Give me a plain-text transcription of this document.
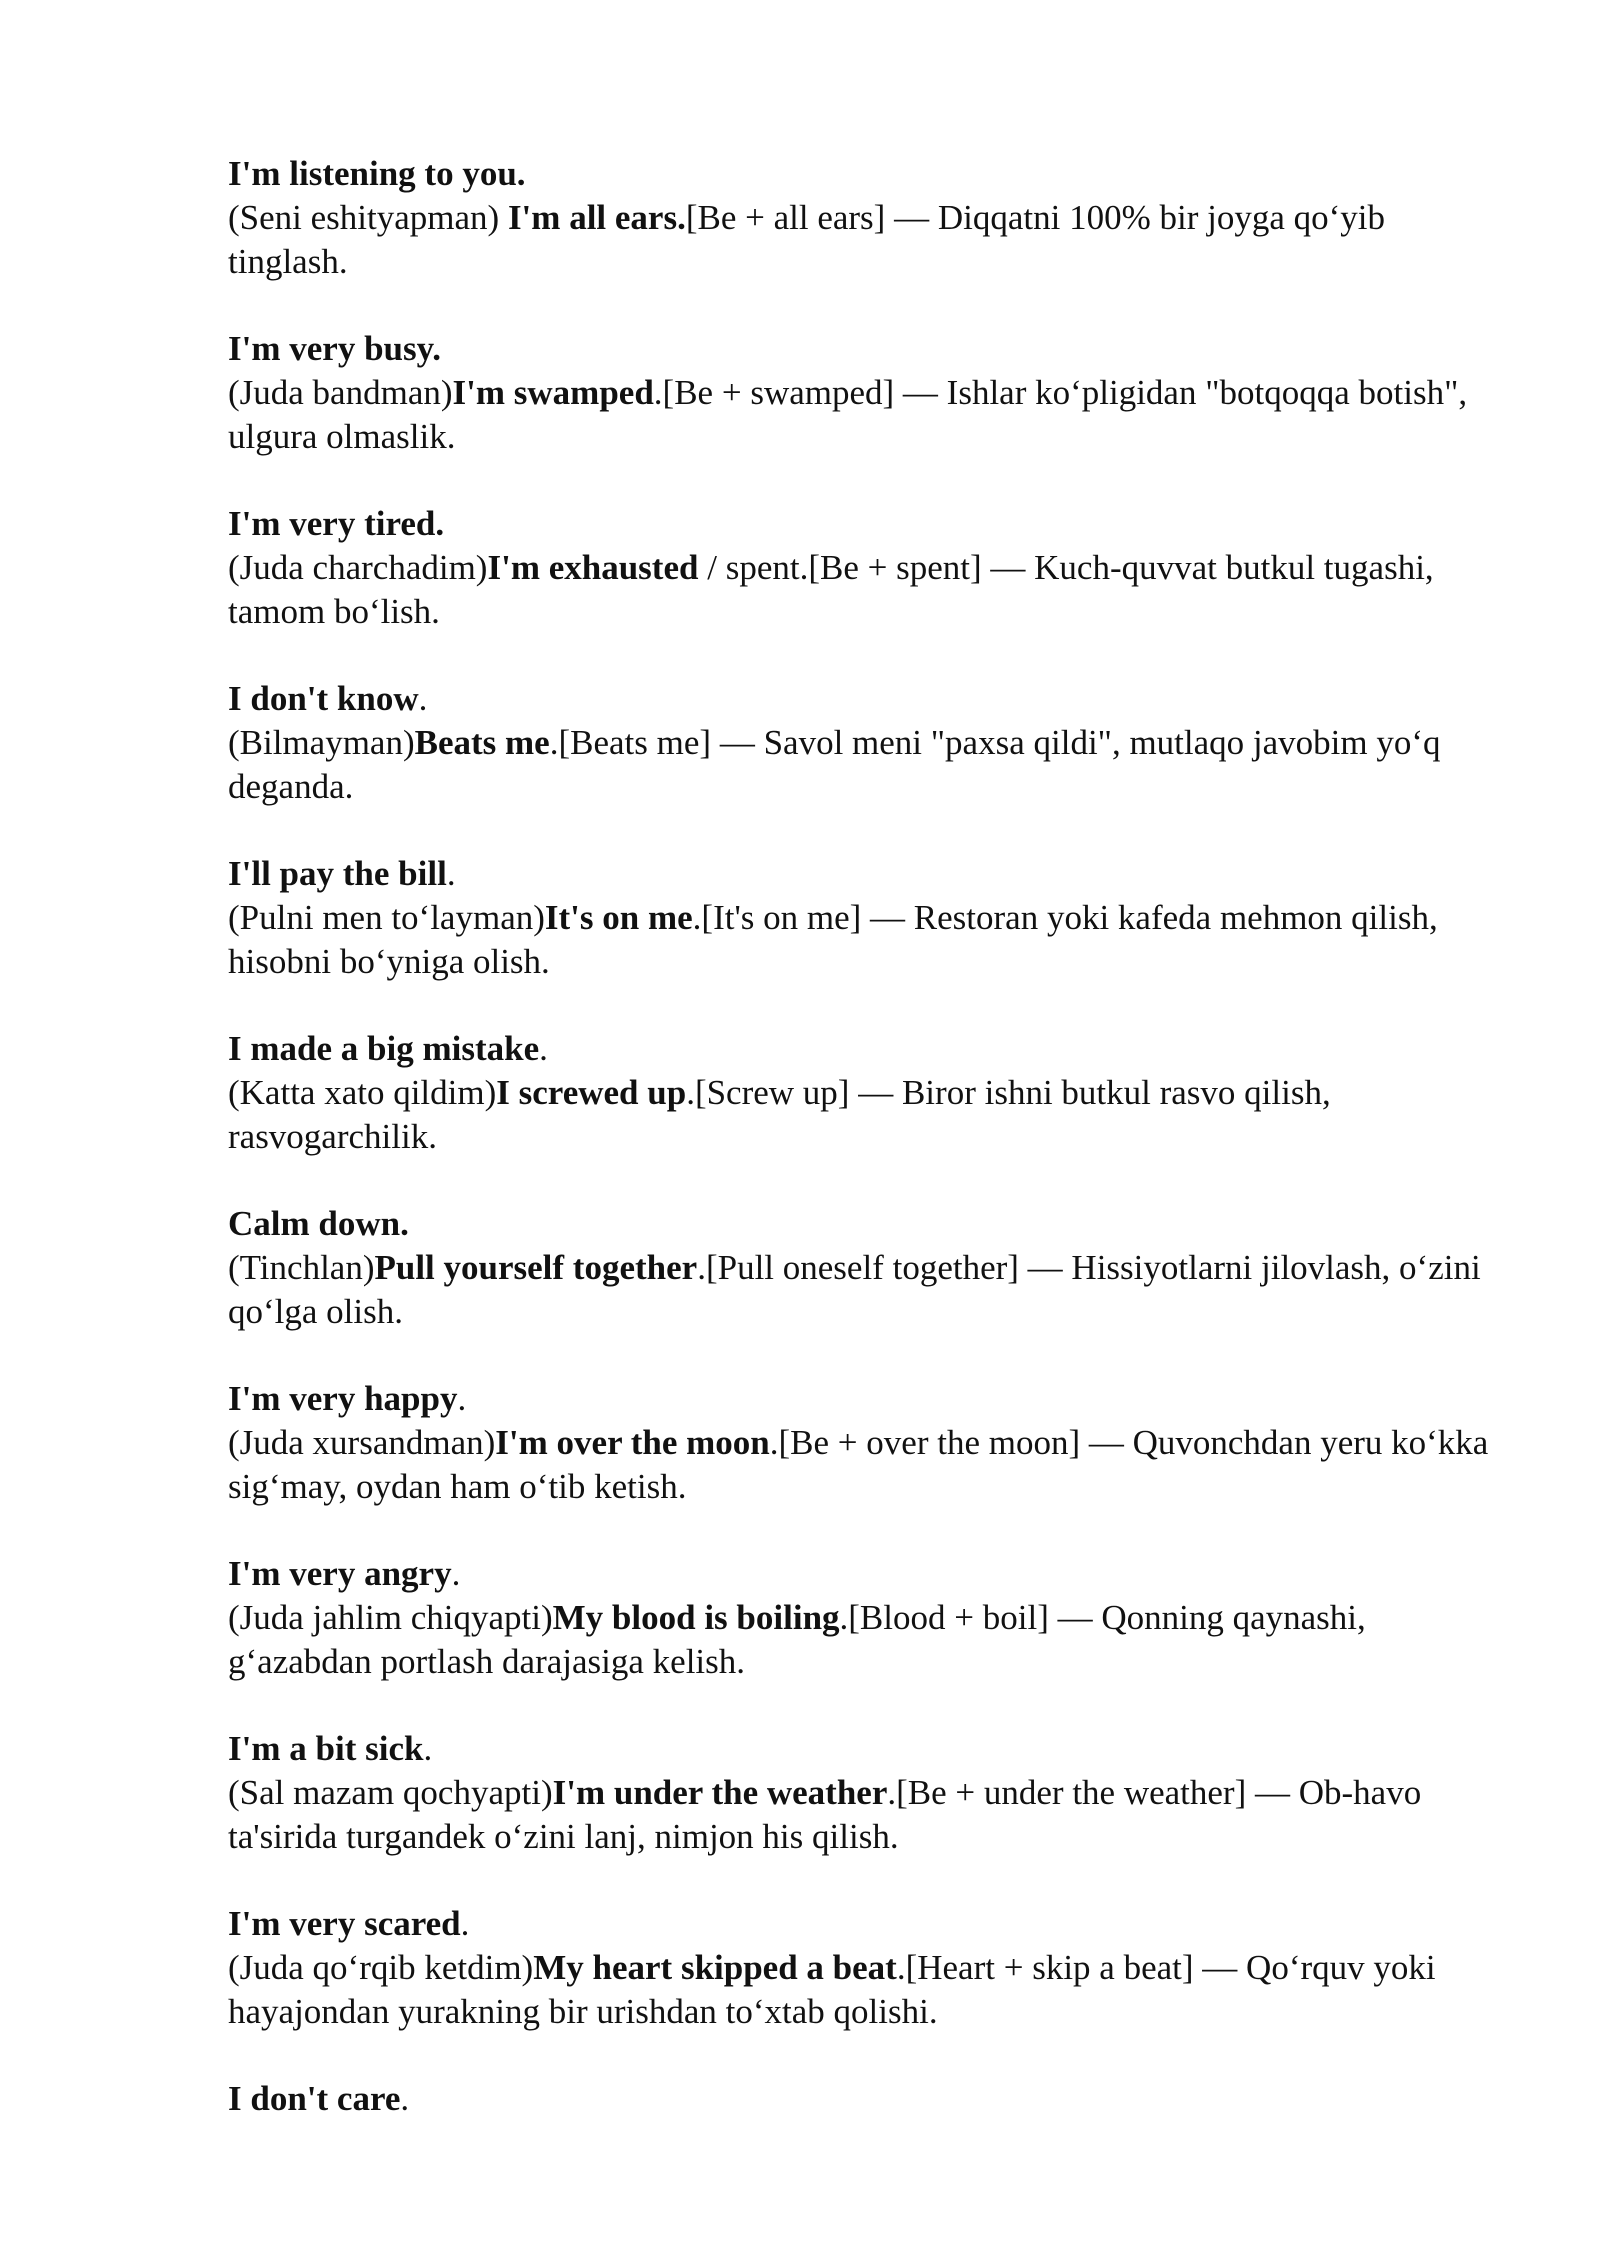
I'm listening to you.

(Seni eshityapman) I'm all ears.[Be + all ears] — Diqqatni 100% bir joyga qo‘yib tinglash.

I'm very busy.

(Juda bandman)I'm swamped.[Be + swamped] — Ishlar ko‘pligidan "botqoqqa botish", ulgura olmaslik.

I'm very tired.

(Juda charchadim)I'm exhausted / spent.[Be + spent] — Kuch-quvvat butkul tugashi, tamom bo‘lish.

I don't know.

(Bilmayman)Beats me.[Beats me] — Savol meni "paxsa qildi", mutlaqo javobim yo‘q deganda.

I'll pay the bill.

(Pulni men to‘layman)It's on me.[It's on me] — Restoran yoki kafeda mehmon qilish, hisobni bo‘yniga olish.

I made a big mistake.

(Katta xato qildim)I screwed up.[Screw up] — Biror ishni butkul rasvo qilish, rasvogarchilik.

Calm down.

(Tinchlan)Pull yourself together.[Pull oneself together] — Hissiyotlarni jilovlash, o‘zini qo‘lga olish.

I'm very happy.

(Juda xursandman)I'm over the moon.[Be + over the moon] — Quvonchdan yeru ko‘kka sig‘may, oydan ham o‘tib ketish.

I'm very angry.

(Juda jahlim chiqyapti)My blood is boiling.[Blood + boil] — Qonning qaynashi, g‘azabdan portlash darajasiga kelish.

I'm a bit sick.

(Sal mazam qochyapti)I'm under the weather.[Be + under the weather] — Ob-havo ta'sirida turgandek o‘zini lanj, nimjon his qilish.

I'm very scared.

(Juda qo‘rqib ketdim)My heart skipped a beat.[Heart + skip a beat] — Qo‘rquv yoki hayajondan yurakning bir urishdan to‘xtab qolishi.

I don't care.
